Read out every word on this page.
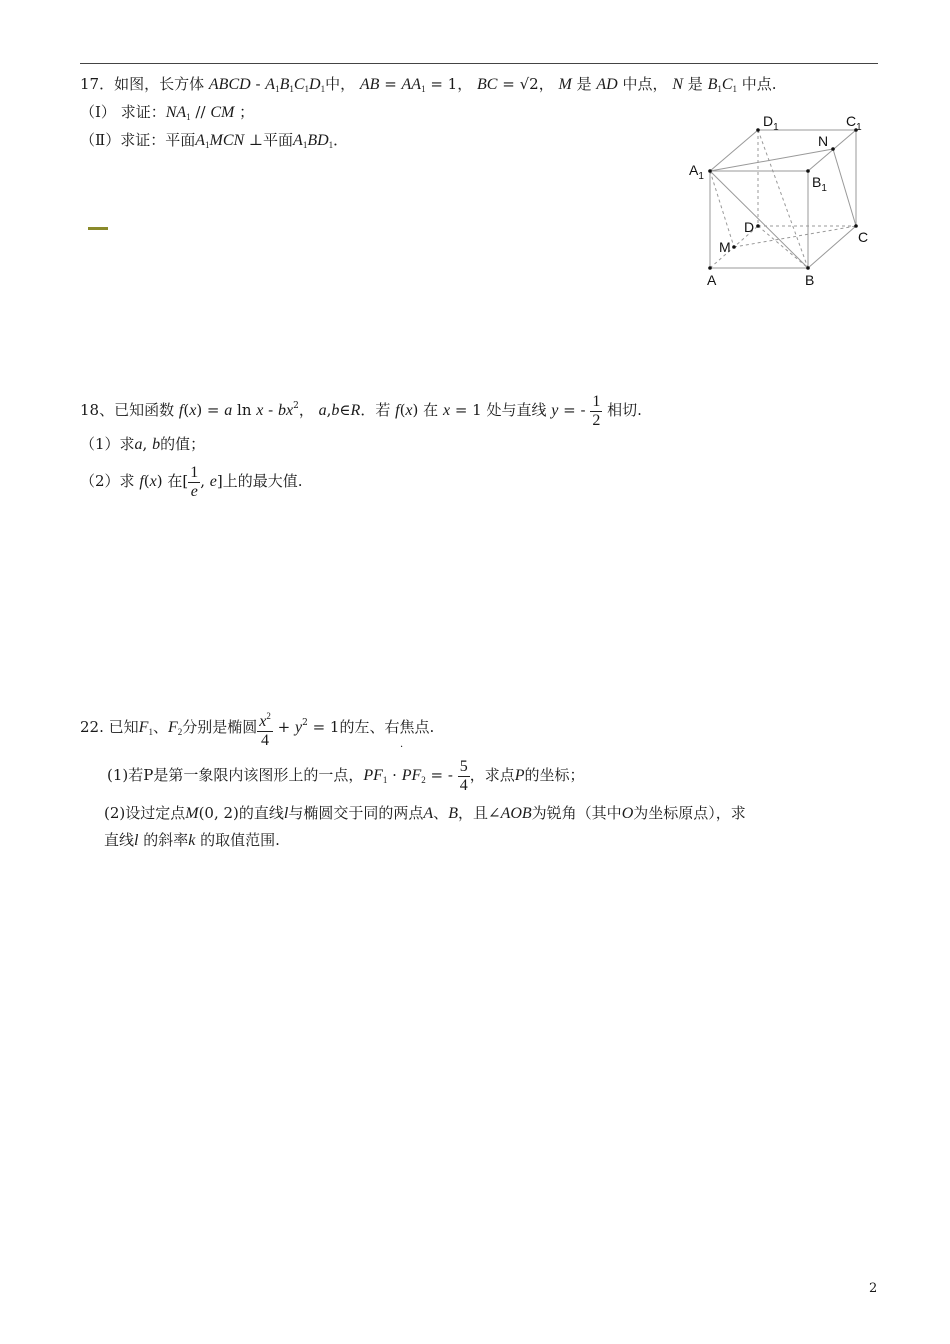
17．如图，长方体 ABCD - $A_1B_1C_1D_1$中， AB = $AA_1 = 1$， BC = √2， M 是 AD 中点， N 是 $B_1C_1$ 中点.
（Ⅰ） 求证：$NA_1$ // CM ；
（Ⅱ）求证：平面$A_1MCN$ ⊥平面$A_1BD_1$．
$D_1$	$C_1$
N
$A_1$	$B_1$
D
C
M
A	B
18、已知函数 f(x) = a ln x - $bx^2$， a,b∈R．若 f(x) 在 x = 1 处与直线 y = - $\frac{1}{2}$ 相切.
（1）求a, b的值；
（2）求 f(x) 在[ $\frac{1}{e}$ , e]上的最大值.
22. 已知$F_1$、$F_2$分别是椭圆 $\frac{x^2}{4} + y^2 = 1$的左、右焦点.
·
(1)若P是第一象限内该图形上的一点，$PF_1 \cdot PF_2$ = - $\frac{5}{4}$ ，求点P的坐标；
(2)设过定点M(0, 2)的直线l与椭圆交于同的两点A、B，且∠AOB为锐角（其中O为坐标原点），求
直线l 的斜率k 的取值范围.
2
